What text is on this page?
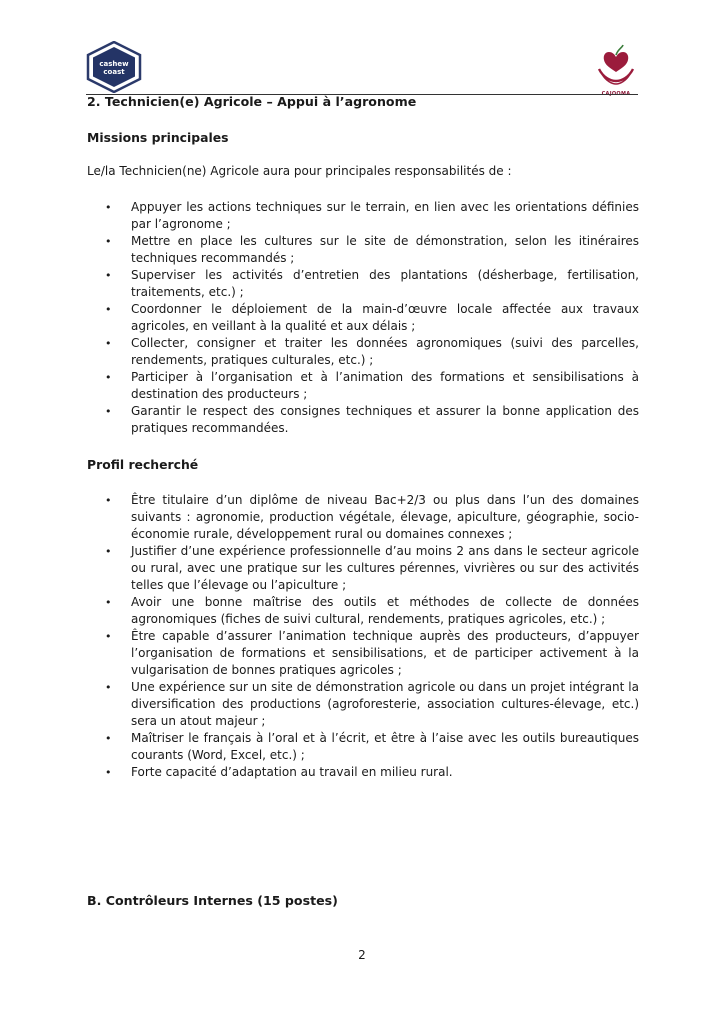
cashew
coast
CAJOOMA
2. Technicien(e) Agricole – Appui à l’agronome
Missions principales

Le/la Technicien(ne) Agricole aura pour principales responsabilités de :

• Appuyer les actions techniques sur le terrain, en lien avec les orientations définies par l’agronome ;
• Mettre en place les cultures sur le site de démonstration, selon les itinéraires techniques recommandés ;
• Superviser les activités d’entretien des plantations (désherbage, fertilisation, traitements, etc.) ;
• Coordonner le déploiement de la main-d’œuvre locale affectée aux travaux agricoles, en veillant à la qualité et aux délais ;
• Collecter, consigner et traiter les données agronomiques (suivi des parcelles, rendements, pratiques culturales, etc.) ;
• Participer à l’organisation et à l’animation des formations et sensibilisations à destination des producteurs ;
• Garantir le respect des consignes techniques et assurer la bonne application des pratiques recommandées.
Profil recherché
• Être titulaire d’un diplôme de niveau Bac+2/3 ou plus dans l’un des domaines suivants : agronomie, production végétale, élevage, apiculture, géographie, socio-économie rurale, développement rural ou domaines connexes ;
• Justifier d’une expérience professionnelle d’au moins 2 ans dans le secteur agricole ou rural, avec une pratique sur les cultures pérennes, vivrières ou sur des activités telles que l’élevage ou l’apiculture ;
• Avoir une bonne maîtrise des outils et méthodes de collecte de données agronomiques (fiches de suivi cultural, rendements, pratiques agricoles, etc.) ;
• Être capable d’assurer l’animation technique auprès des producteurs, d’appuyer l’organisation de formations et sensibilisations, et de participer activement à la vulgarisation de bonnes pratiques agricoles ;
• Une expérience sur un site de démonstration agricole ou dans un projet intégrant la diversification des productions (agroforesterie, association cultures-élevage, etc.) sera un atout majeur ;
• Maîtriser le français à l’oral et à l’écrit, et être à l’aise avec les outils bureautiques courants (Word, Excel, etc.) ;
• Forte capacité d’adaptation au travail en milieu rural.
B. Contrôleurs Internes (15 postes)
2
